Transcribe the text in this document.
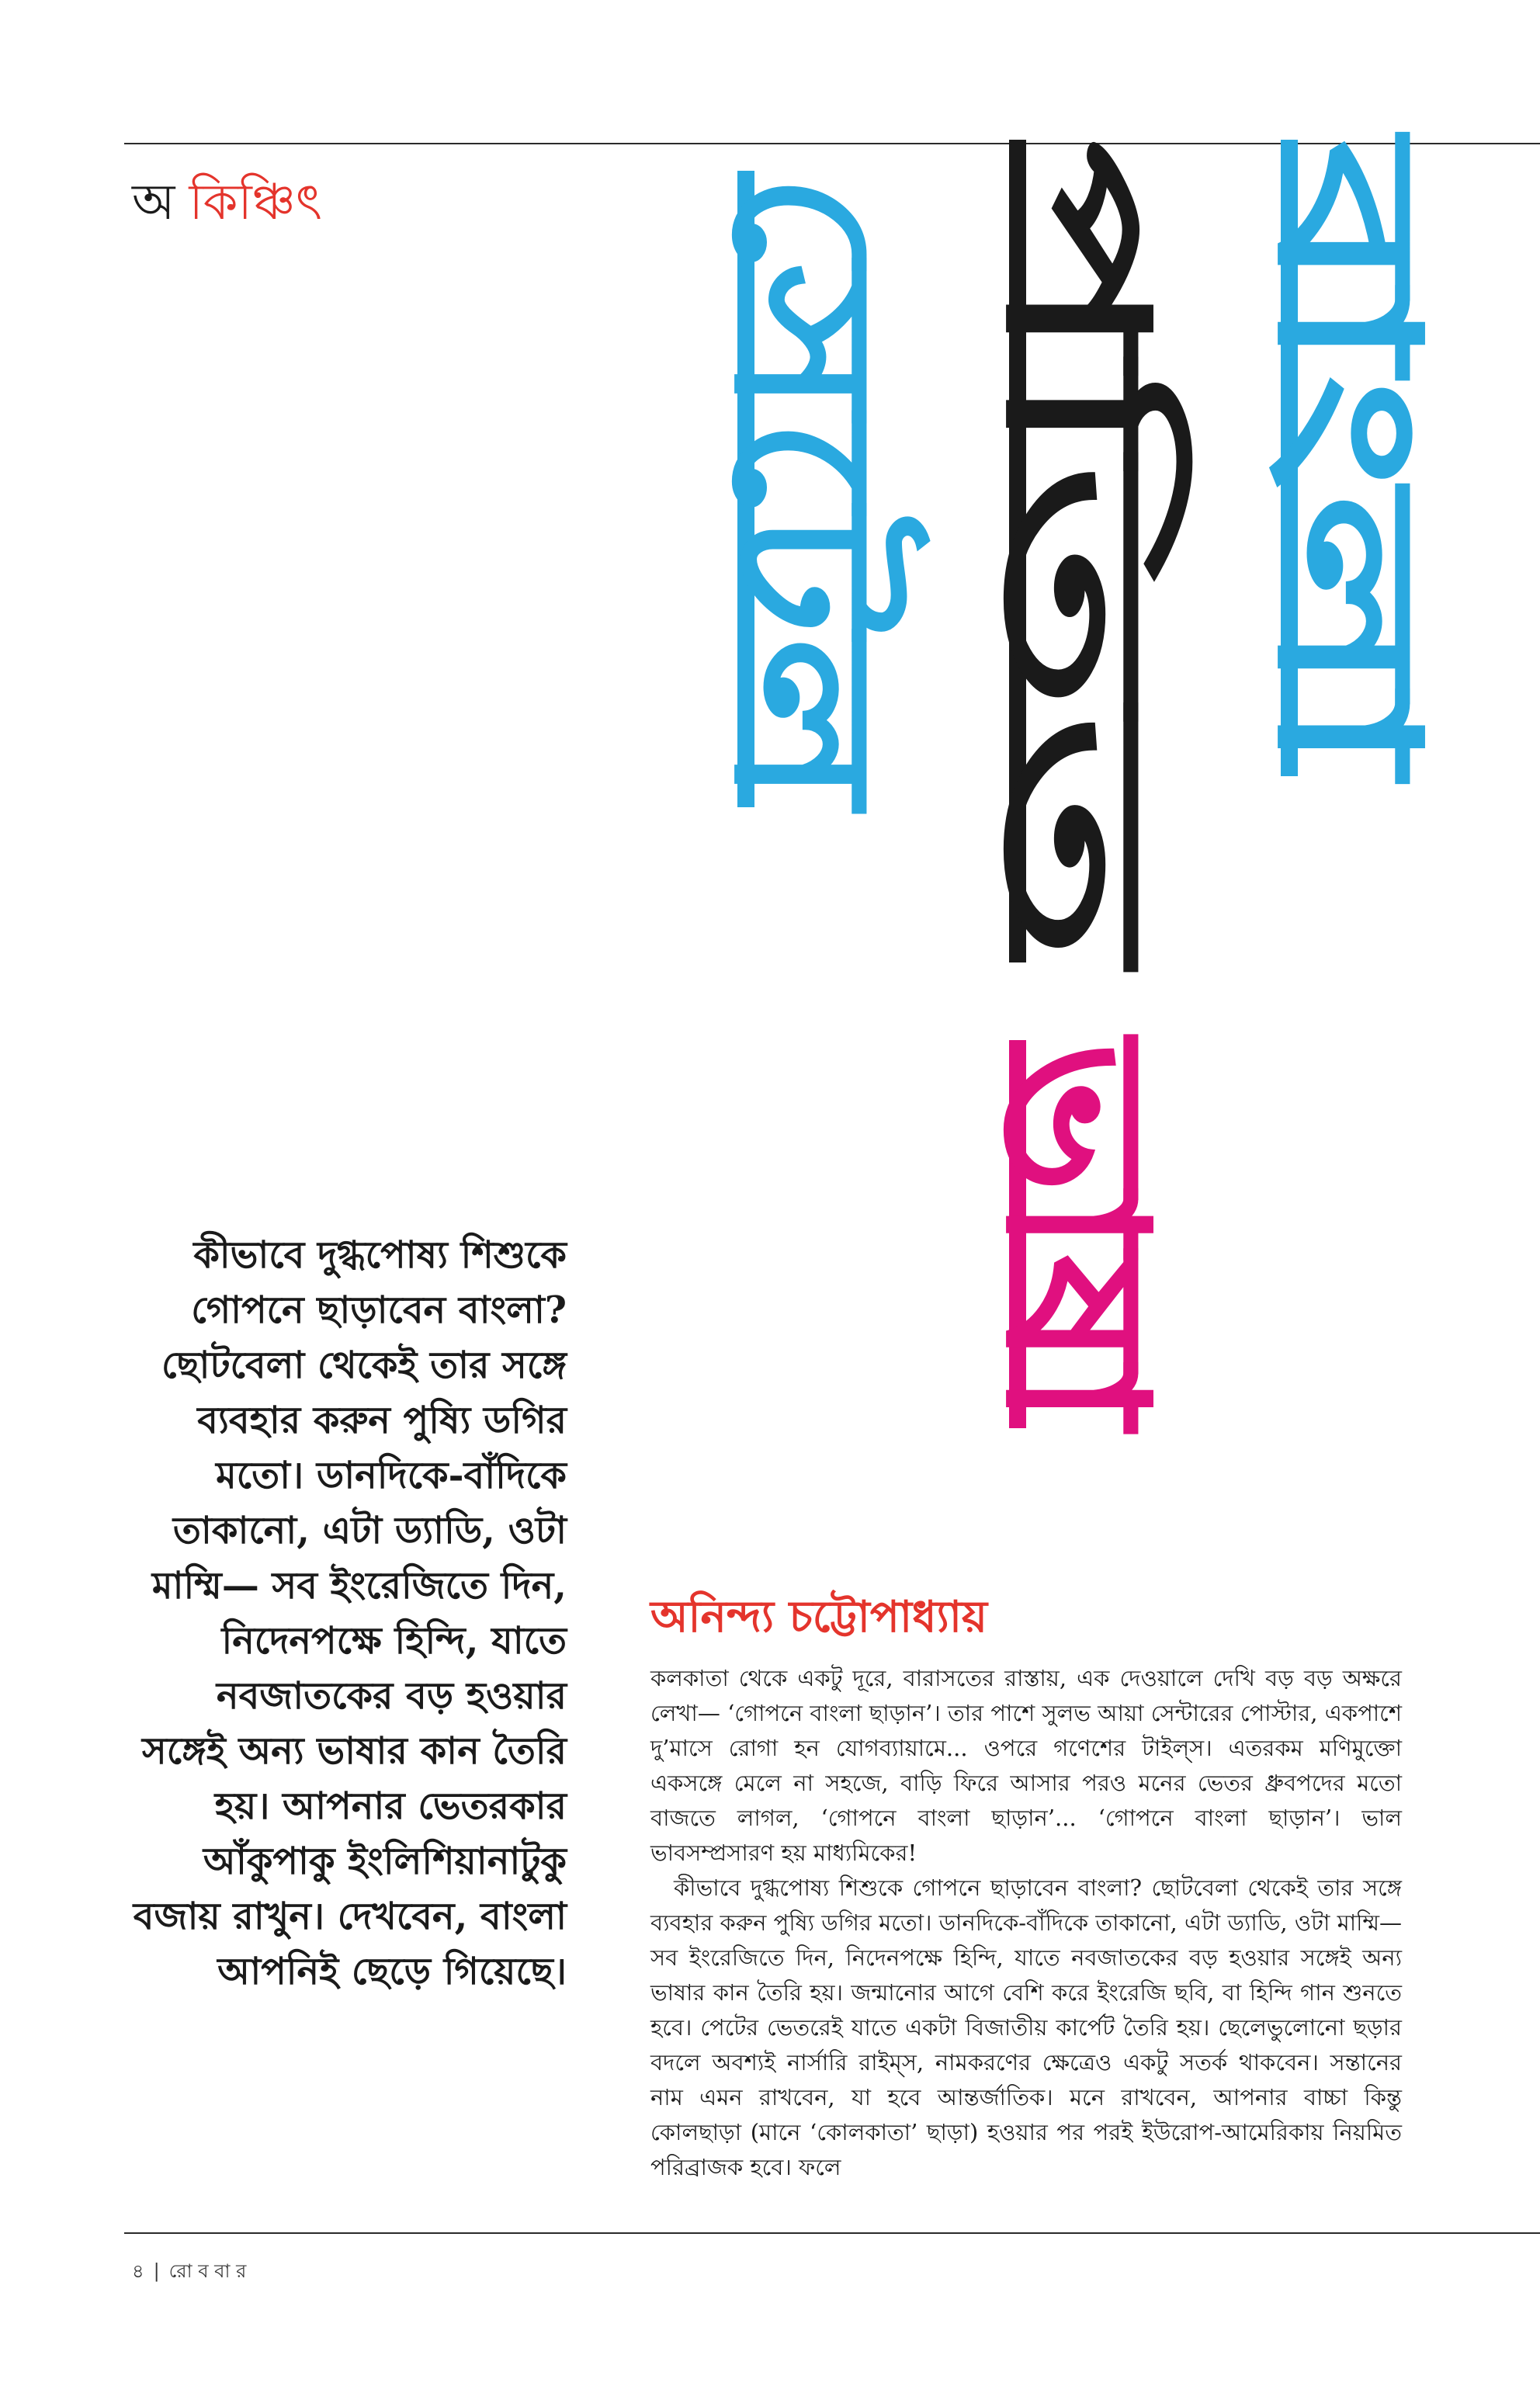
অ কিঞ্চিৎ সেটেল পতিত বাংলা
ভাষা
কীভাবে দুগ্ধপোষ্য শিশুকে গোপনে ছাড়াবেন বাংলা? ছোটবেলা থেকেই তার সঙ্গে ব্যবহার করুন পুষ্যি ডগির মতো। ডানদিকে-বাঁদিকে তাকানো, এটা ড্যাডি, ওটা মাম্মি— সব ইংরেজিতে দিন, নিদেনপক্ষে হিন্দি, যাতে নবজাতকের বড় হওয়ার সঙ্গেই অন্য ভাষার কান তৈরি হয়। আপনার ভেতরকার আঁকুপাকু ইংলিশিয়ানাটুকু বজায় রাখুন। দেখবেন, বাংলা আপনিই ছেড়ে গিয়েছে।
অনিন্দ্য চট্টোপাধ্যায়

কলকাতা থেকে একটু দূরে, বারাসতের রাস্তায়, এক দেওয়ালে দেখি বড় বড় অক্ষরে লেখা— ‘গোপনে বাংলা ছাড়ান’। তার পাশে সুলভ আয়া সেন্টারের পোস্টার, একপাশে দু’মাসে রোগা হন যোগব্যায়ামে... ওপরে গণেশের টাইল্‌স। এতরকম মণিমুক্তো একসঙ্গে মেলে না সহজে, বাড়ি ফিরে আসার পরও মনের ভেতর ধ্রুবপদের মতো বাজতে লাগল, ‘গোপনে বাংলা ছাড়ান’... ‘গোপনে বাংলা ছাড়ান’। ভাল ভাবসম্প্রসারণ হয় মাধ্যমিকের!

কীভাবে দুগ্ধপোষ্য শিশুকে গোপনে ছাড়াবেন বাংলা? ছোটবেলা থেকেই তার সঙ্গে ব্যবহার করুন পুষ্যি ডগির মতো। ডানদিকে-বাঁদিকে তাকানো, এটা ড্যাডি, ওটা মাম্মি— সব ইংরেজিতে দিন, নিদেনপক্ষে হিন্দি, যাতে নবজাতকের বড় হওয়ার সঙ্গেই অন্য ভাষার কান তৈরি হয়। জন্মানোর আগে বেশি করে ইংরেজি ছবি, বা হিন্দি গান শুনতে হবে। পেটের ভেতরেই যাতে একটা বিজাতীয় কার্পেট তৈরি হয়। ছেলেভুলোনো ছড়ার বদলে অবশ্যই নার্সারি রাইম্‌স, নামকরণের ক্ষেত্রেও একটু সতর্ক থাকবেন। সন্তানের নাম এমন রাখবেন, যা হবে আন্তর্জাতিক। মনে রাখবেন, আপনার বাচ্চা কিন্তু কোলছাড়া (মানে ‘কোলকাতা’ ছাড়া) হওয়ার পর পরই ইউরোপ-আমেরিকায় নিয়মিত পরিব্রাজক হবে। ফলে

৪ | রো ব বা র
